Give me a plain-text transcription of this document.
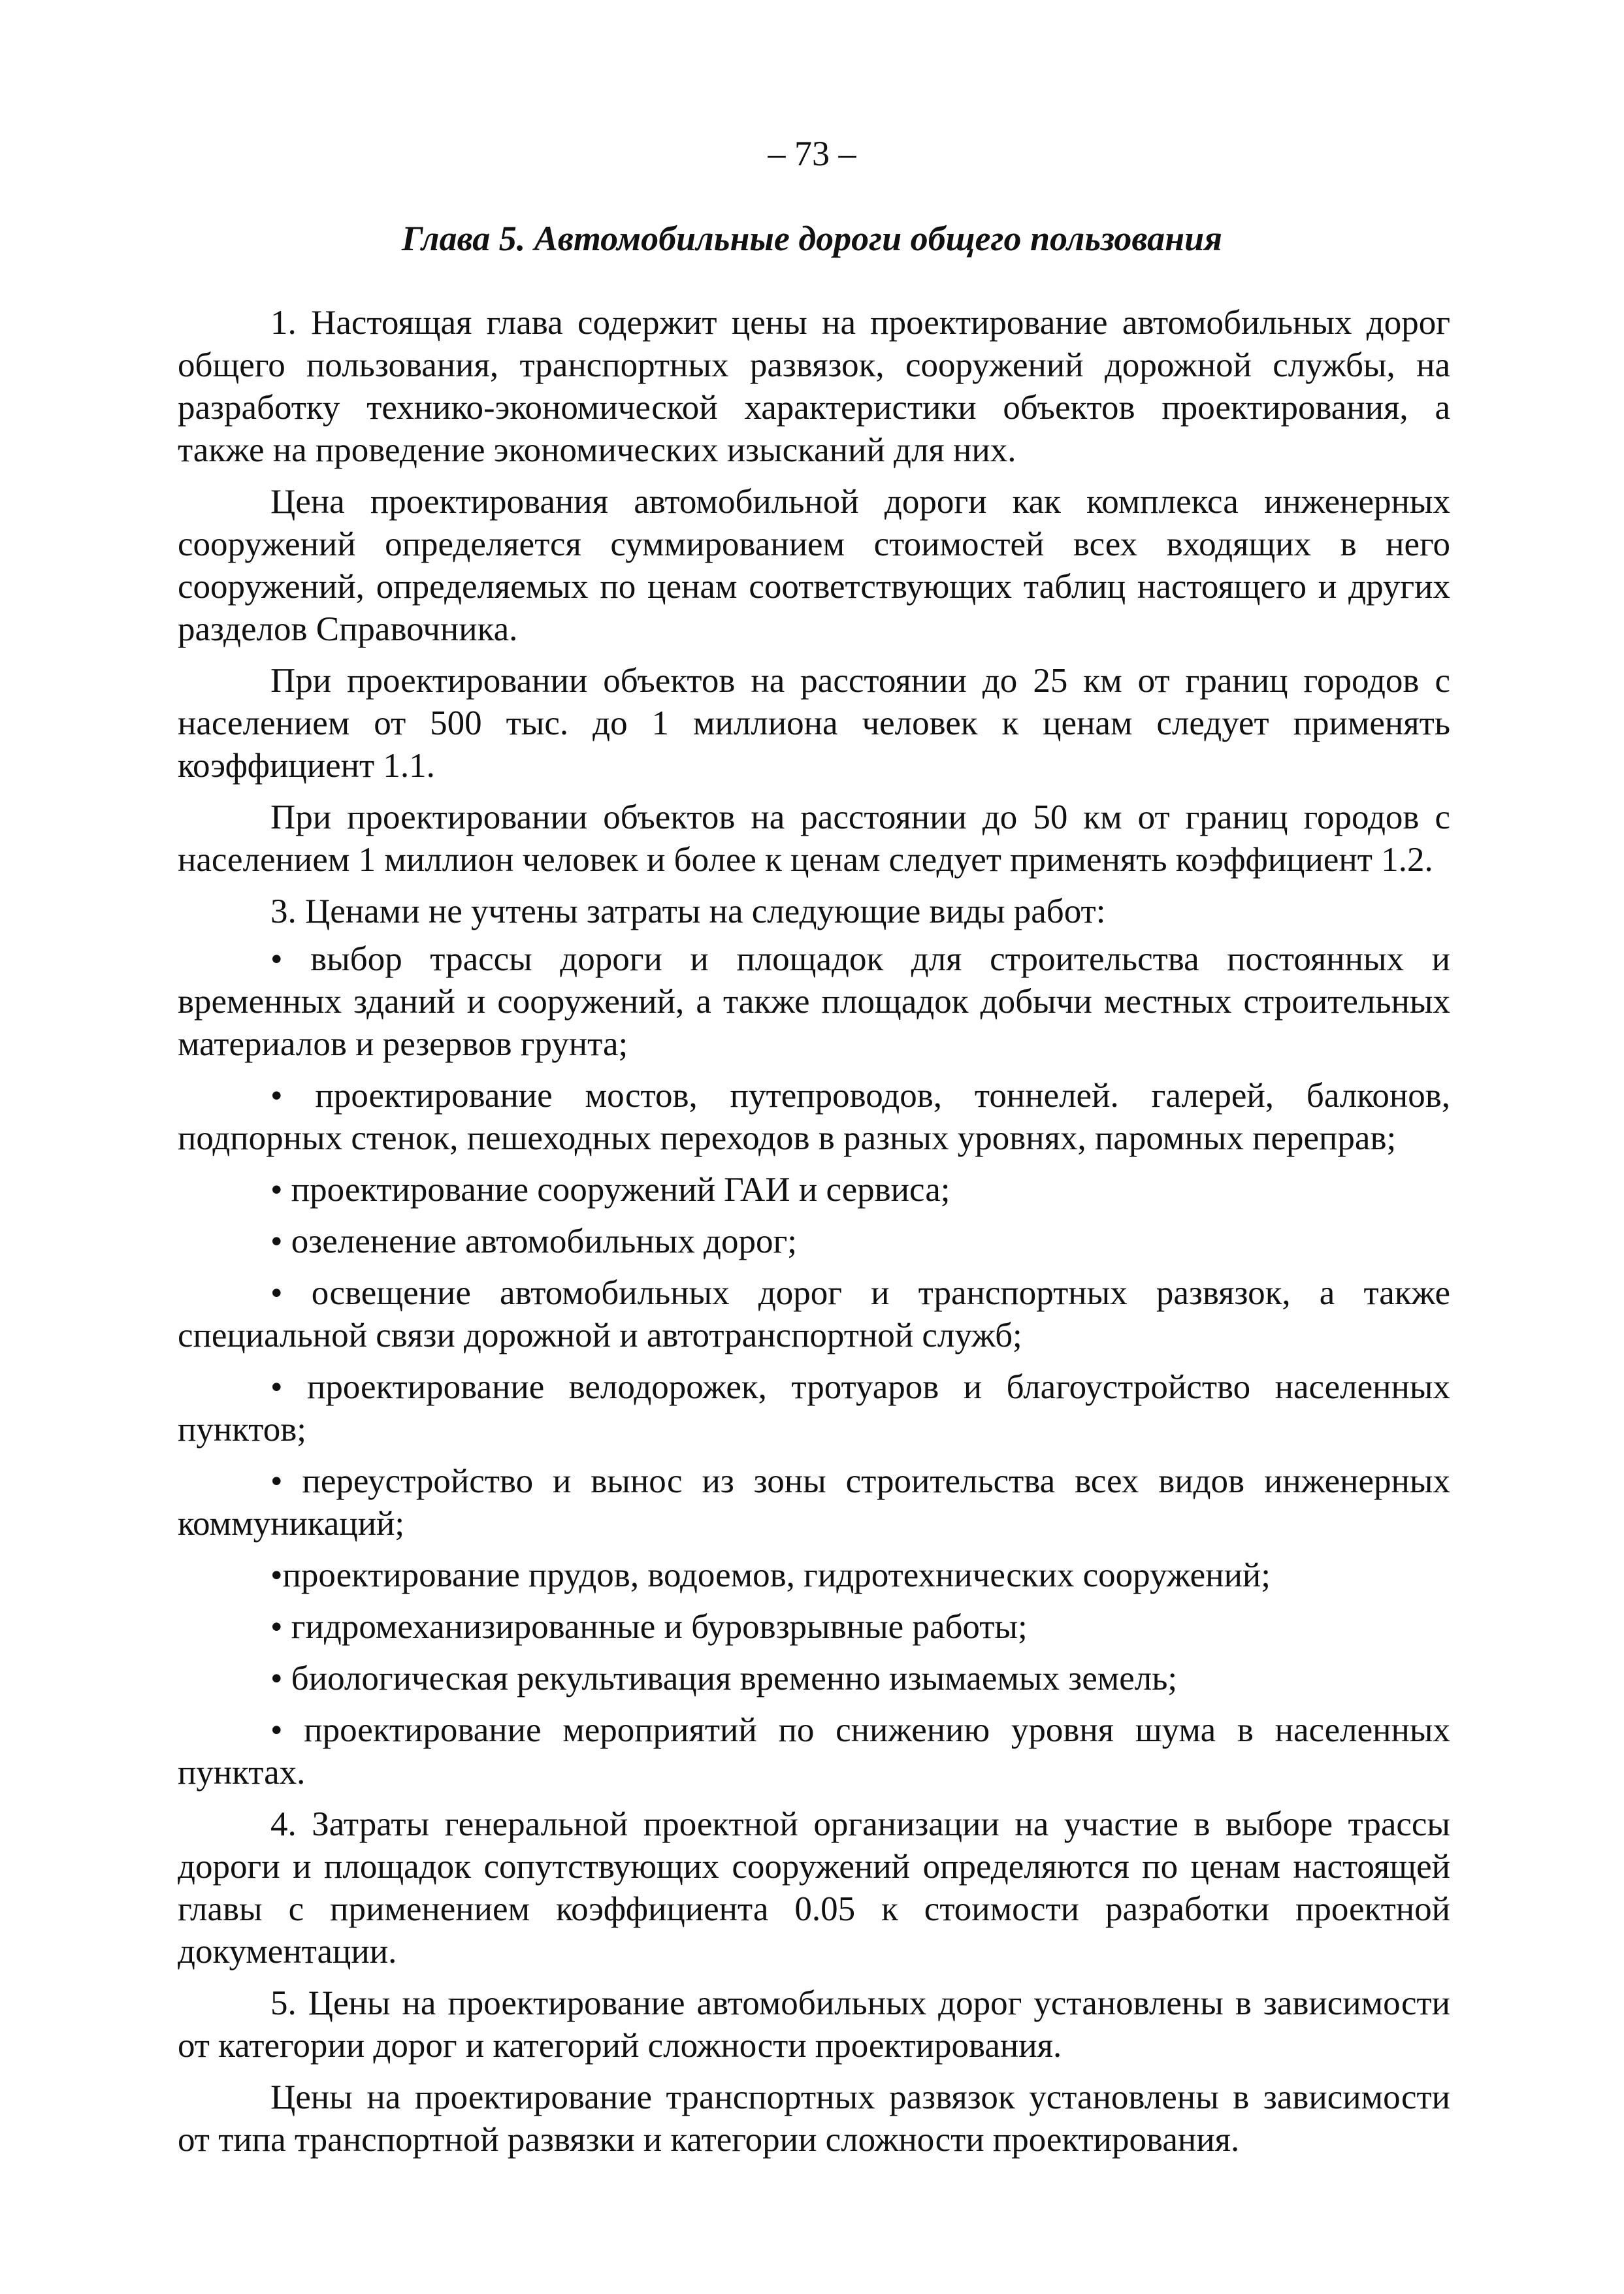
– 73 –
Глава 5. Автомобильные дороги общего пользования

1. Настоящая глава содержит цены на проектирование автомобильных дорог общего пользования, транспортных развязок, сооружений дорожной службы, на разработку технико-экономической характеристики объектов проектирования, а также на проведение экономических изысканий для них.

Цена проектирования автомобильной дороги как комплекса инженерных сооружений определяется суммированием стоимостей всех входящих в него сооружений, определяемых по ценам соответствующих таблиц настоящего и других разделов Справочника.

При проектировании объектов на расстоянии до 25 км от границ городов с населением от 500 тыс. до 1 миллиона человек к ценам следует применять коэффициент 1.1.

При проектировании объектов на расстоянии до 50 км от границ городов с населением 1 миллион человек и более к ценам следует применять коэффициент 1.2.

3. Ценами не учтены затраты на следующие виды работ:

• выбор трассы дороги и площадок для строительства постоянных и временных зданий и сооружений, а также площадок добычи местных строительных материалов и резервов грунта;

• проектирование мостов, путепроводов, тоннелей. галерей, балконов, подпорных стенок, пешеходных переходов в разных уровнях, паромных переправ;

• проектирование сооружений ГАИ и сервиса;

• озеленение автомобильных дорог;

• освещение автомобильных дорог и транспортных развязок, а также специальной связи дорожной и автотранспортной служб;

• проектирование велодорожек, тротуаров и благоустройство населенных пунктов;

• переустройство и вынос из зоны строительства всех видов инженерных коммуникаций;

•проектирование прудов, водоемов, гидротехнических сооружений;

• гидромеханизированные и буровзрывные работы;

• биологическая рекультивация временно изымаемых земель;

• проектирование мероприятий по снижению уровня шума в населенных пунктах.

4. Затраты генеральной проектной организации на участие в выборе трассы дороги и площадок сопутствующих сооружений определяются по ценам настоящей главы с применением коэффициента 0.05 к стоимости разработки проектной документации.

5. Цены на проектирование автомобильных дорог установлены в зависимости от категории дорог и категорий сложности проектирования.

Цены на проектирование транспортных развязок установлены в зависимости от типа транспортной развязки и категории сложности проектирования.
